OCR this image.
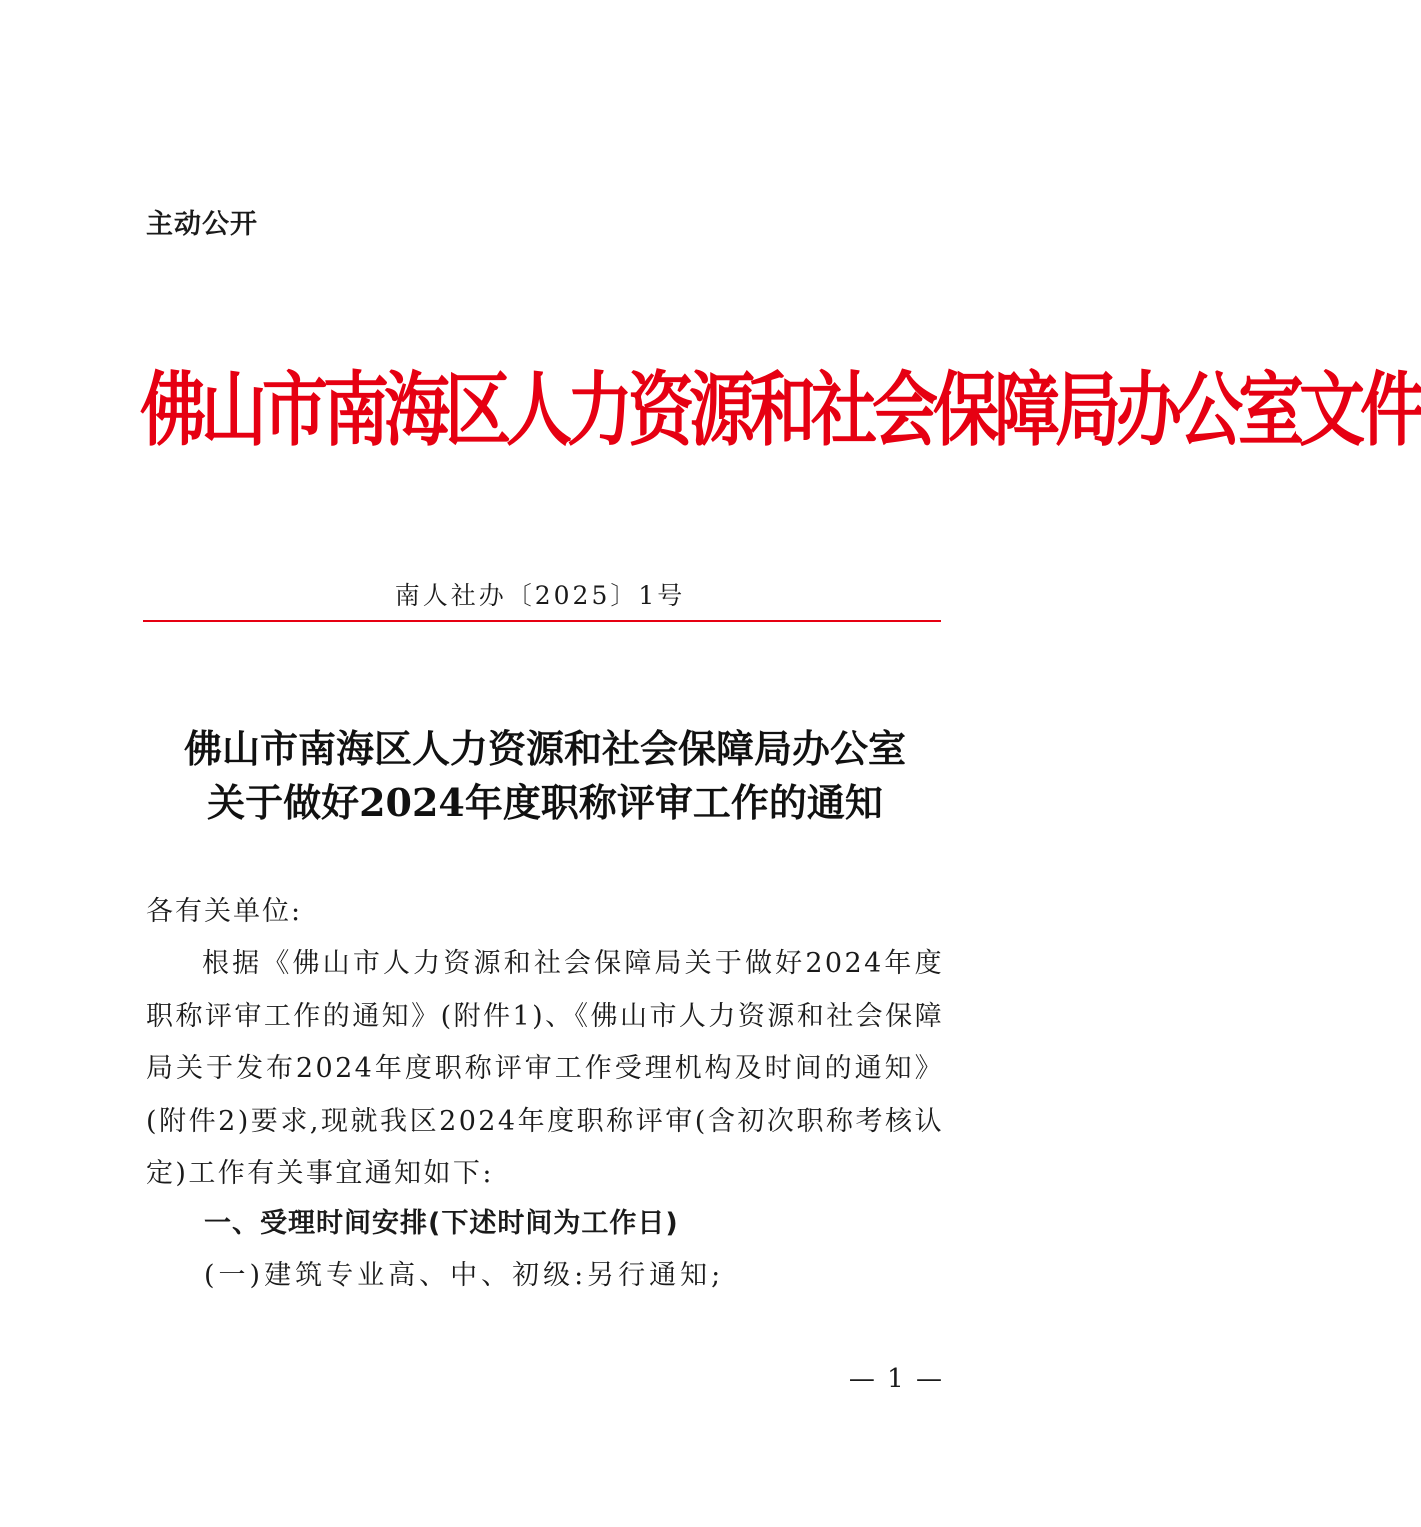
主动公开
佛山市南海区人力资源和社会保障局办公室文件
南人社办〔2025〕1号
佛山市南海区人力资源和社会保障局办公室
关于做好2024年度职称评审工作的通知
各有关单位:
根据《佛山市人力资源和社会保障局关于做好2024年度职称评审工作的通知》(附件1)、《佛山市人力资源和社会保障局关于发布2024年度职称评审工作受理机构及时间的通知》(附件2)要求,现就我区2024年度职称评审(含初次职称考核认定)工作有关事宜通知如下:
一、受理时间安排(下述时间为工作日)
(一)建筑专业高、中、初级:另行通知;
— 1 —
